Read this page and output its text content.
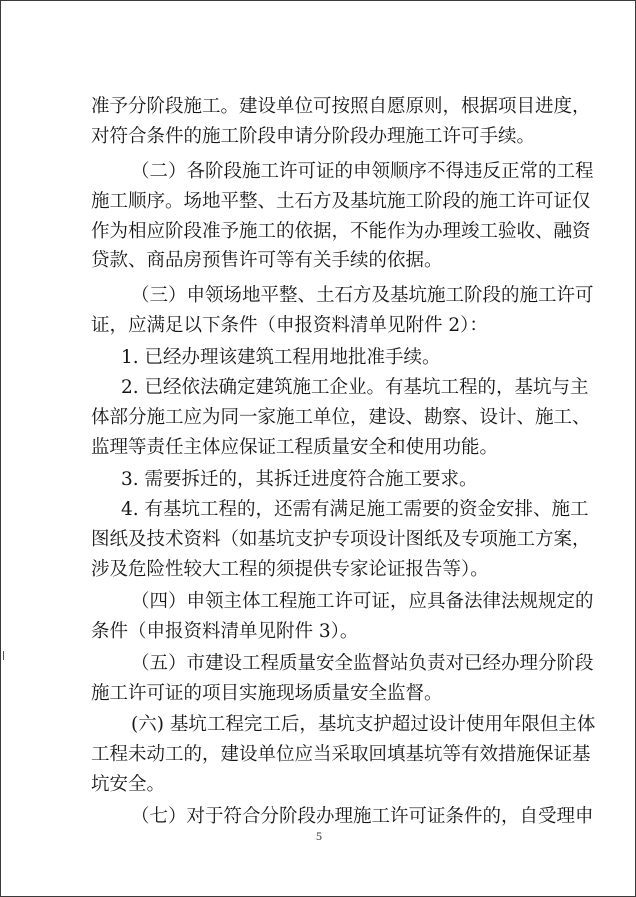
准予分阶段施工。建设单位可按照自愿原则，根据项目进度，
对符合条件的施工阶段申请分阶段办理施工许可手续。
（二）各阶段施工许可证的申领顺序不得违反正常的工程
施工顺序。场地平整、土石方及基坑施工阶段的施工许可证仅
作为相应阶段准予施工的依据，不能作为办理竣工验收、融资
贷款、商品房预售许可等有关手续的依据。
（三）申领场地平整、土石方及基坑施工阶段的施工许可
证，应满足以下条件（申报资料清单见附件 2）：
1. 已经办理该建筑工程用地批准手续。
2. 已经依法确定建筑施工企业。有基坑工程的，基坑与主
体部分施工应为同一家施工单位，建设、勘察、设计、施工、
监理等责任主体应保证工程质量安全和使用功能。
3. 需要拆迁的，其拆迁进度符合施工要求。
4. 有基坑工程的，还需有满足施工需要的资金安排、施工
图纸及技术资料（如基坑支护专项设计图纸及专项施工方案，
涉及危险性较大工程的须提供专家论证报告等）。
（四）申领主体工程施工许可证，应具备法律法规规定的
条件（申报资料清单见附件 3）。
（五）市建设工程质量安全监督站负责对已经办理分阶段
施工许可证的项目实施现场质量安全监督。
(六) 基坑工程完工后，基坑支护超过设计使用年限但主体
工程未动工的，建设单位应当采取回填基坑等有效措施保证基
坑安全。
（七）对于符合分阶段办理施工许可证条件的，自受理申
5
